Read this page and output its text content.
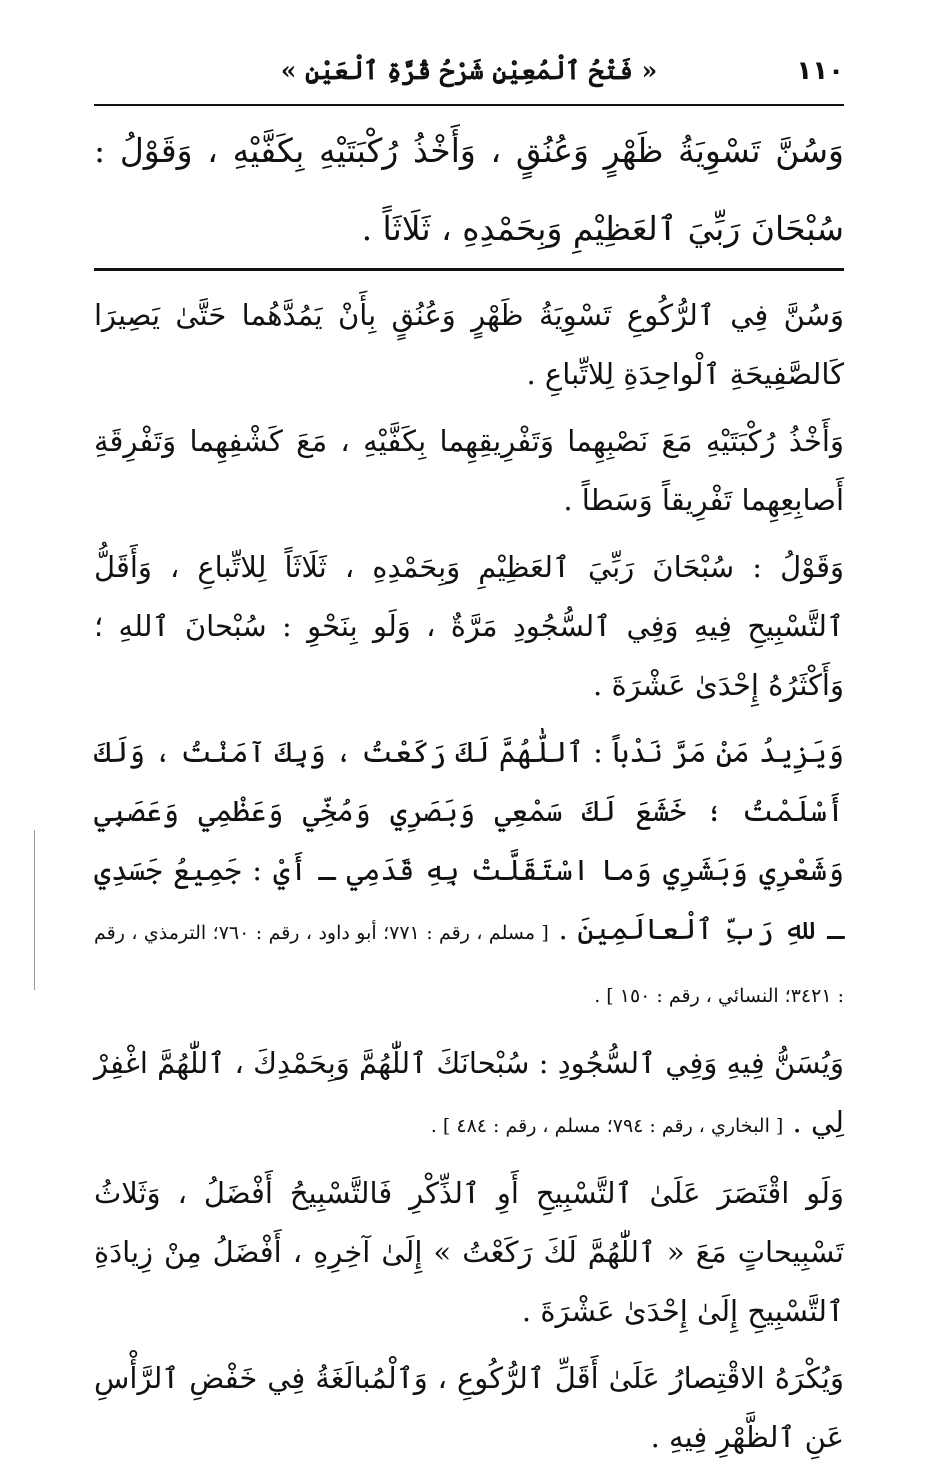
١١٠
« فَتْحُ ٱلْمُعِيْنِ شَرْحُ قُرَّةِ ٱلْعَيْنِ »
وَسُنَّ تَسْوِيَةُ ظَهْرٍ وَعُنُقٍ ، وَأَخْذُ رُكْبَتَيْهِ بِكَفَّيْهِ ، وَقَوْلُ : سُبْحَانَ رَبِّيَ ٱلعَظِيْمِ وَبِحَمْدِهِ ، ثَلَاثَاً .

وَسُنَّ فِي ٱلرُّكُوعِ تَسْوِيَةُ ظَهْرٍ وَعُنُقٍ بِأَنْ يَمُدَّهُما حَتَّىٰ يَصِيرَا كَالصَّفِيحَةِ ٱلْواحِدَةِ لِلاتِّباعِ .

وَأَخْذُ رُكْبَتَيْهِ مَعَ نَصْبِهِما وَتَفْرِيقِهِما بِكَفَّيْهِ ، مَعَ كَشْفِهِما وَتَفْرِقَةِ أَصابِعِهِما تَفْرِيقاً وَسَطاً .

وَقَوْلُ : سُبْحَانَ رَبِّيَ ٱلعَظِيْمِ وَبِحَمْدِهِ ، ثَلَاثَاً لِلاتِّباعِ ، وَأَقَلُّ ٱلتَّسْبِيحِ فِيهِ وَفِي ٱلسُّجُودِ مَرَّةٌ ، وَلَو بِنَحْوِ : سُبْحانَ ٱللهِ ؛ وَأَكْثَرُهُ إِحْدَىٰ عَشْرَةَ .

وَيَزِيدُ مَنْ مَرَّ نَدْباً : ٱللّٰهُمَّ لَكَ رَكَعْتُ ، وَبِكَ آمَنْتُ ، وَلَكَ أَسْلَمْتُ ؛ خَشَعَ لَكَ سَمْعِي وَبَصَرِي وَمُخِّي وَعَظْمِي وَعَصَبِي وَشَعْرِي وَبَشَرِي وَما اسْتَقَلَّتْ بِهِ قَدَمِي ـ أَيْ : جَمِيعُ جَسَدِي ـ للهِ رَبِّ ٱلْعالَمِينَ . [ مسلم ، رقم : ٧٧١؛ أبو داود ، رقم : ٧٦٠؛ الترمذي ، رقم : ٣٤٢١؛ النسائي ، رقم : ١٥٠ ] .

وَيُسَنُّ فِيهِ وَفِي ٱلسُّجُودِ : سُبْحانَكَ ٱللّٰهُمَّ وَبِحَمْدِكَ ، ٱللّٰهُمَّ اغْفِرْ لِي . [ البخاري ، رقم : ٧٩٤؛ مسلم ، رقم : ٤٨٤ ] .

وَلَو اقْتَصَرَ عَلَىٰ ٱلتَّسْبِيحِ أَوِ ٱلذِّكْرِ فَالتَّسْبِيحُ أَفْضَلُ ، وَثَلاثُ تَسْبِيحاتٍ مَعَ « ٱللّٰهُمَّ لَكَ رَكَعْتُ » إِلَىٰ آخِرِهِ ، أَفْضَلُ مِنْ زِيادَةِ ٱلتَّسْبِيحِ إِلَىٰ إِحْدَىٰ عَشْرَةَ .

وَيُكْرَهُ الاقْتِصارُ عَلَىٰ أَقَلِّ ٱلرُّكُوعِ ، وَٱلْمُبالَغَةُ فِي خَفْضِ ٱلرَّأْسِ عَنِ ٱلظَّهْرِ فِيهِ .
